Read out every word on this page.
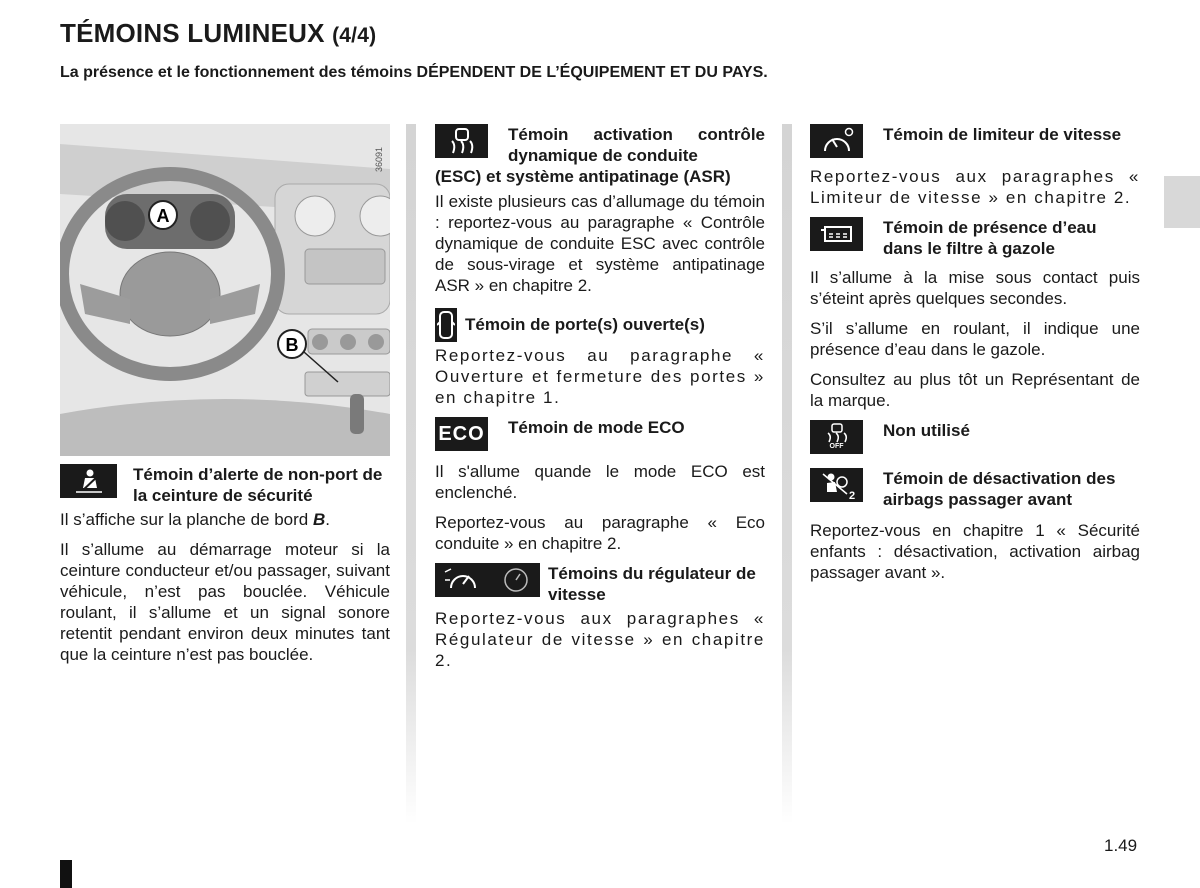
TÉMOINS LUMINEUX (4/4)

La présence et le fonctionnement des témoins DÉPENDENT DE L’ÉQUIPEMENT ET DU PAYS.

A
B
36091
Témoin d’alerte de non-port de la ceinture de sécurité

Il s’affiche sur la planche de bord B.

Il s’allume au démarrage moteur si la ceinture conducteur et/ou passager, suivant véhicule, n’est pas bouclée. Véhicule roulant, il s’allume et un signal sonore retentit pendant environ deux minutes tant que la ceinture n’est pas bouclée.

Témoin activation contrôle dynamique de conduite
(ESC) et système antipatinage (ASR)

Il existe plusieurs cas d’allumage du témoin : reportez-vous au paragraphe « Contrôle dynamique de conduite ESC avec contrôle de sous-virage et système antipatinage ASR » en chapitre 2.

Témoin de porte(s) ouverte(s)

Reportez-vous au paragraphe « Ouverture et fermeture des portes » en chapitre 1.

ECO Témoin de mode ECO

Il s'allume quande le mode ECO est enclenché.

Reportez-vous au paragraphe « Eco conduite » en chapitre 2.

Témoins du régulateur de vitesse

Reportez-vous aux paragraphes « Régulateur de vitesse » en chapitre 2.

Témoin de limiteur de vitesse

Reportez-vous aux paragraphes « Limiteur de vitesse » en chapitre 2.

Témoin de présence d’eau dans le filtre à gazole

Il s’allume à la mise sous contact puis s’éteint après quelques secondes.

S’il s’allume en roulant, il indique une présence d’eau dans le gazole.

Consultez au plus tôt un Représentant de la marque.

OFF
Non utilisé
2
Témoin de désactivation des airbags passager avant

Reportez-vous en chapitre 1 « Sécurité enfants : désactivation, activation airbag passager avant ».

1.49
